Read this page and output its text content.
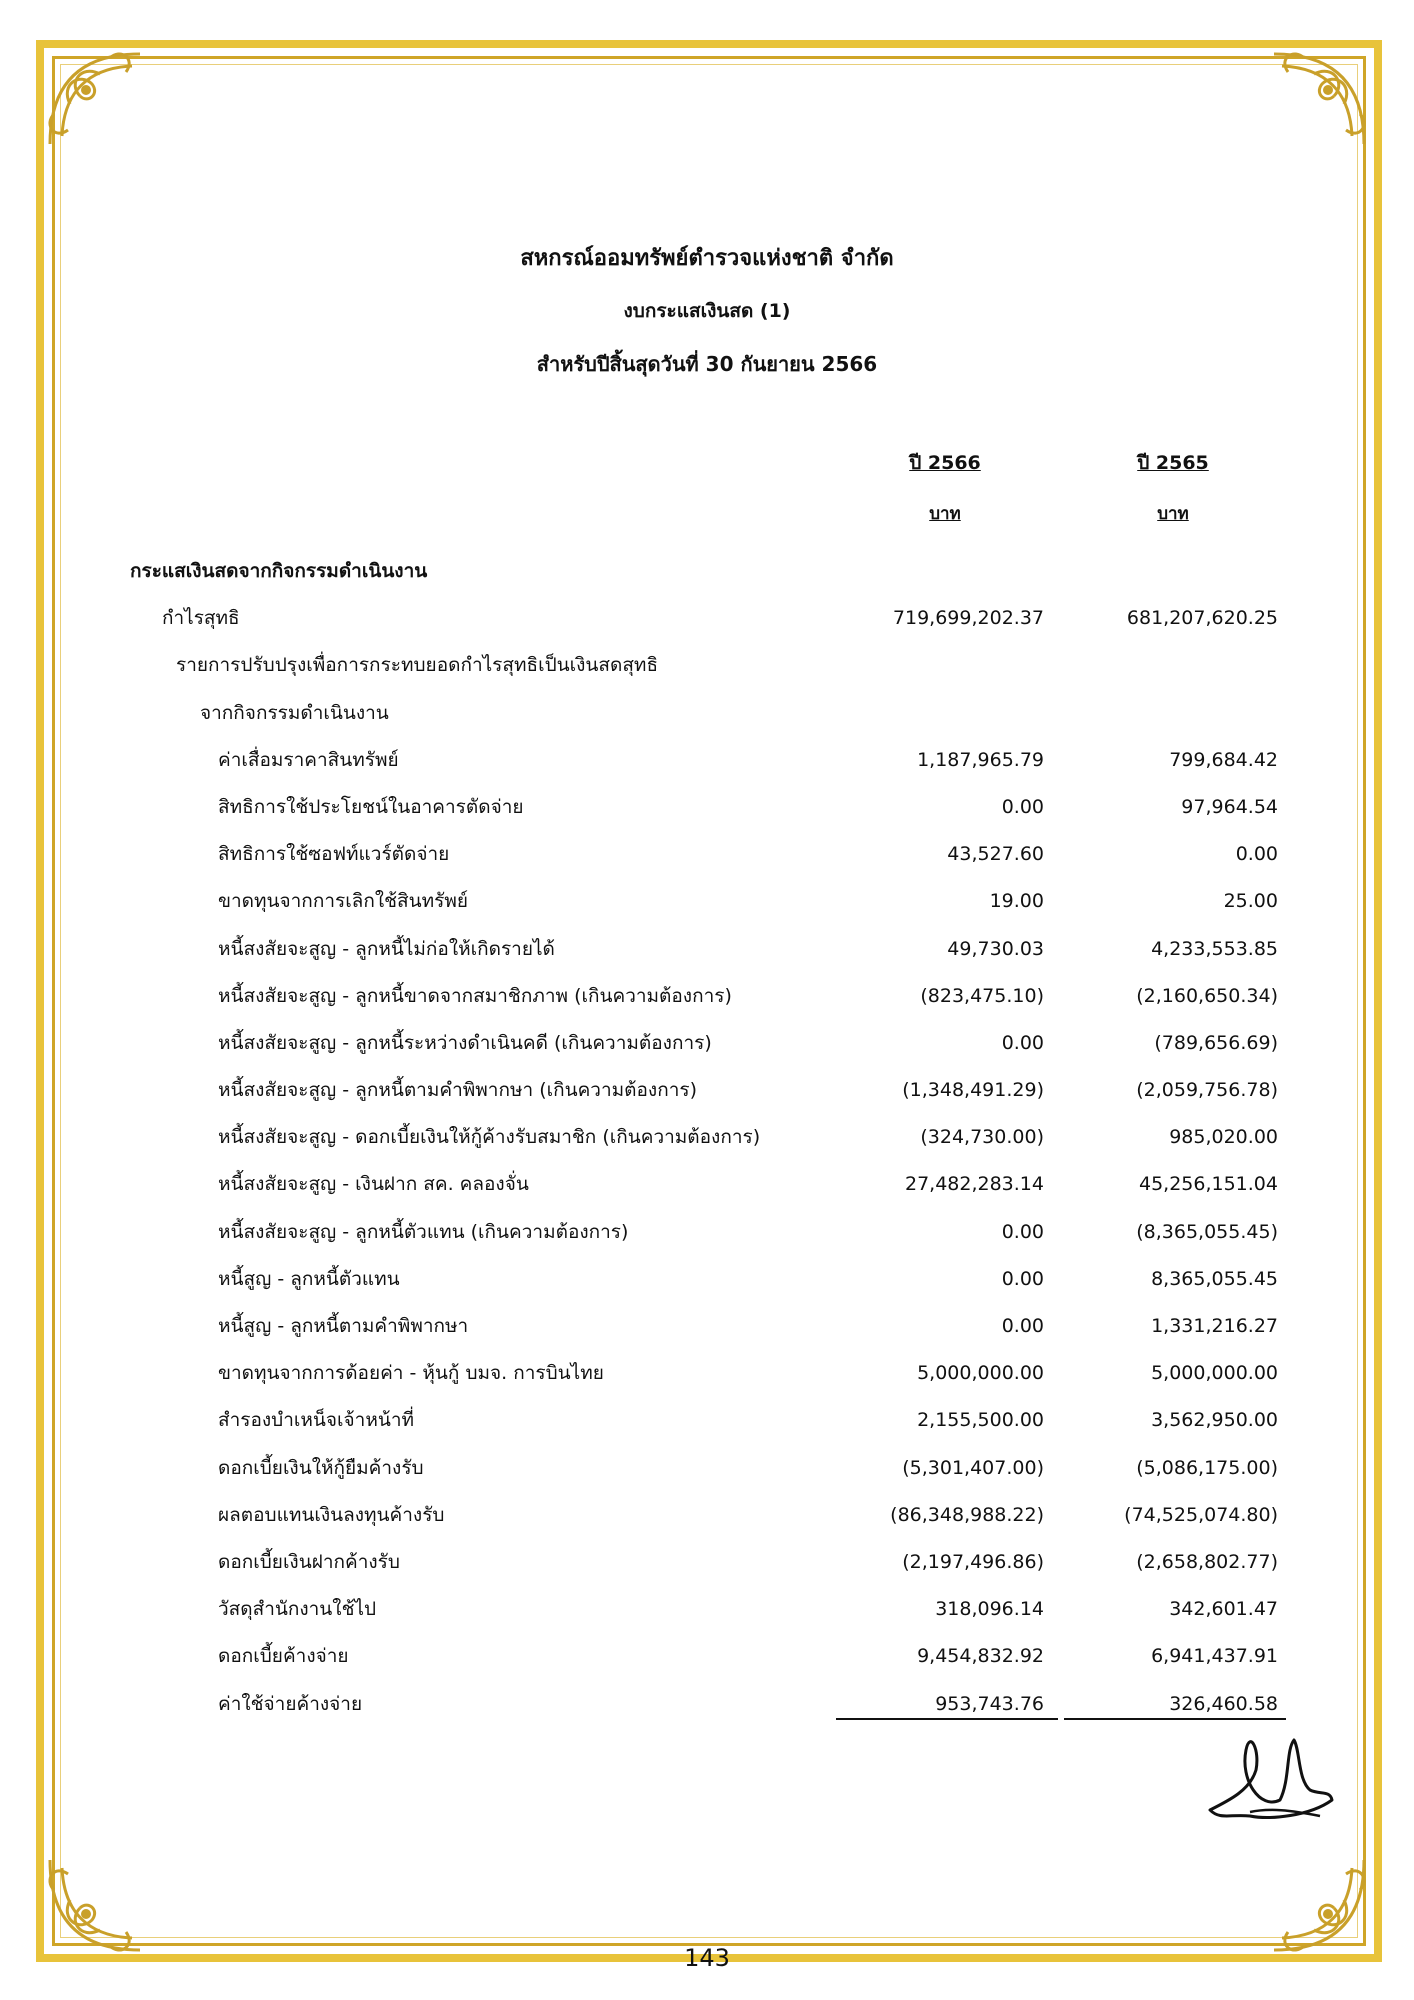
สหกรณ์ออมทรัพย์ตำรวจแห่งชาติ จำกัด
งบกระแสเงินสด (1)
สำหรับปีสิ้นสุดวันที่ 30 กันยายน 2566
ปี 2566	ปี 2565
บาท	บาท
กระแสเงินสดจากกิจกรรมดำเนินงาน
กำไรสุทธิ	719,699,202.37	681,207,620.25
รายการปรับปรุงเพื่อการกระทบยอดกำไรสุทธิเป็นเงินสดสุทธิ
จากกิจกรรมดำเนินงาน
ค่าเสื่อมราคาสินทรัพย์	1,187,965.79	799,684.42
สิทธิการใช้ประโยชน์ในอาคารตัดจ่าย	0.00	97,964.54
สิทธิการใช้ซอฟท์แวร์ตัดจ่าย	43,527.60	0.00
ขาดทุนจากการเลิกใช้สินทรัพย์	19.00	25.00
หนี้สงสัยจะสูญ - ลูกหนี้ไม่ก่อให้เกิดรายได้	49,730.03	4,233,553.85
หนี้สงสัยจะสูญ - ลูกหนี้ขาดจากสมาชิกภาพ (เกินความต้องการ)	(823,475.10)	(2,160,650.34)
หนี้สงสัยจะสูญ - ลูกหนี้ระหว่างดำเนินคดี (เกินความต้องการ)	0.00	(789,656.69)
หนี้สงสัยจะสูญ - ลูกหนี้ตามคำพิพากษา (เกินความต้องการ)	(1,348,491.29)	(2,059,756.78)
หนี้สงสัยจะสูญ - ดอกเบี้ยเงินให้กู้ค้างรับสมาชิก (เกินความต้องการ)	(324,730.00)	985,020.00
หนี้สงสัยจะสูญ - เงินฝาก สค. คลองจั่น	27,482,283.14	45,256,151.04
หนี้สงสัยจะสูญ - ลูกหนี้ตัวแทน (เกินความต้องการ)	0.00	(8,365,055.45)
หนี้สูญ - ลูกหนี้ตัวแทน	0.00	8,365,055.45
หนี้สูญ - ลูกหนี้ตามคำพิพากษา	0.00	1,331,216.27
ขาดทุนจากการด้อยค่า - หุ้นกู้ บมจ. การบินไทย	5,000,000.00	5,000,000.00
สำรองบำเหน็จเจ้าหน้าที่	2,155,500.00	3,562,950.00
ดอกเบี้ยเงินให้กู้ยืมค้างรับ	(5,301,407.00)	(5,086,175.00)
ผลตอบแทนเงินลงทุนค้างรับ	(86,348,988.22)	(74,525,074.80)
ดอกเบี้ยเงินฝากค้างรับ	(2,197,496.86)	(2,658,802.77)
วัสดุสำนักงานใช้ไป	318,096.14	342,601.47
ดอกเบี้ยค้างจ่าย	9,454,832.92	6,941,437.91
ค่าใช้จ่ายค้างจ่าย	953,743.76	326,460.58
143
